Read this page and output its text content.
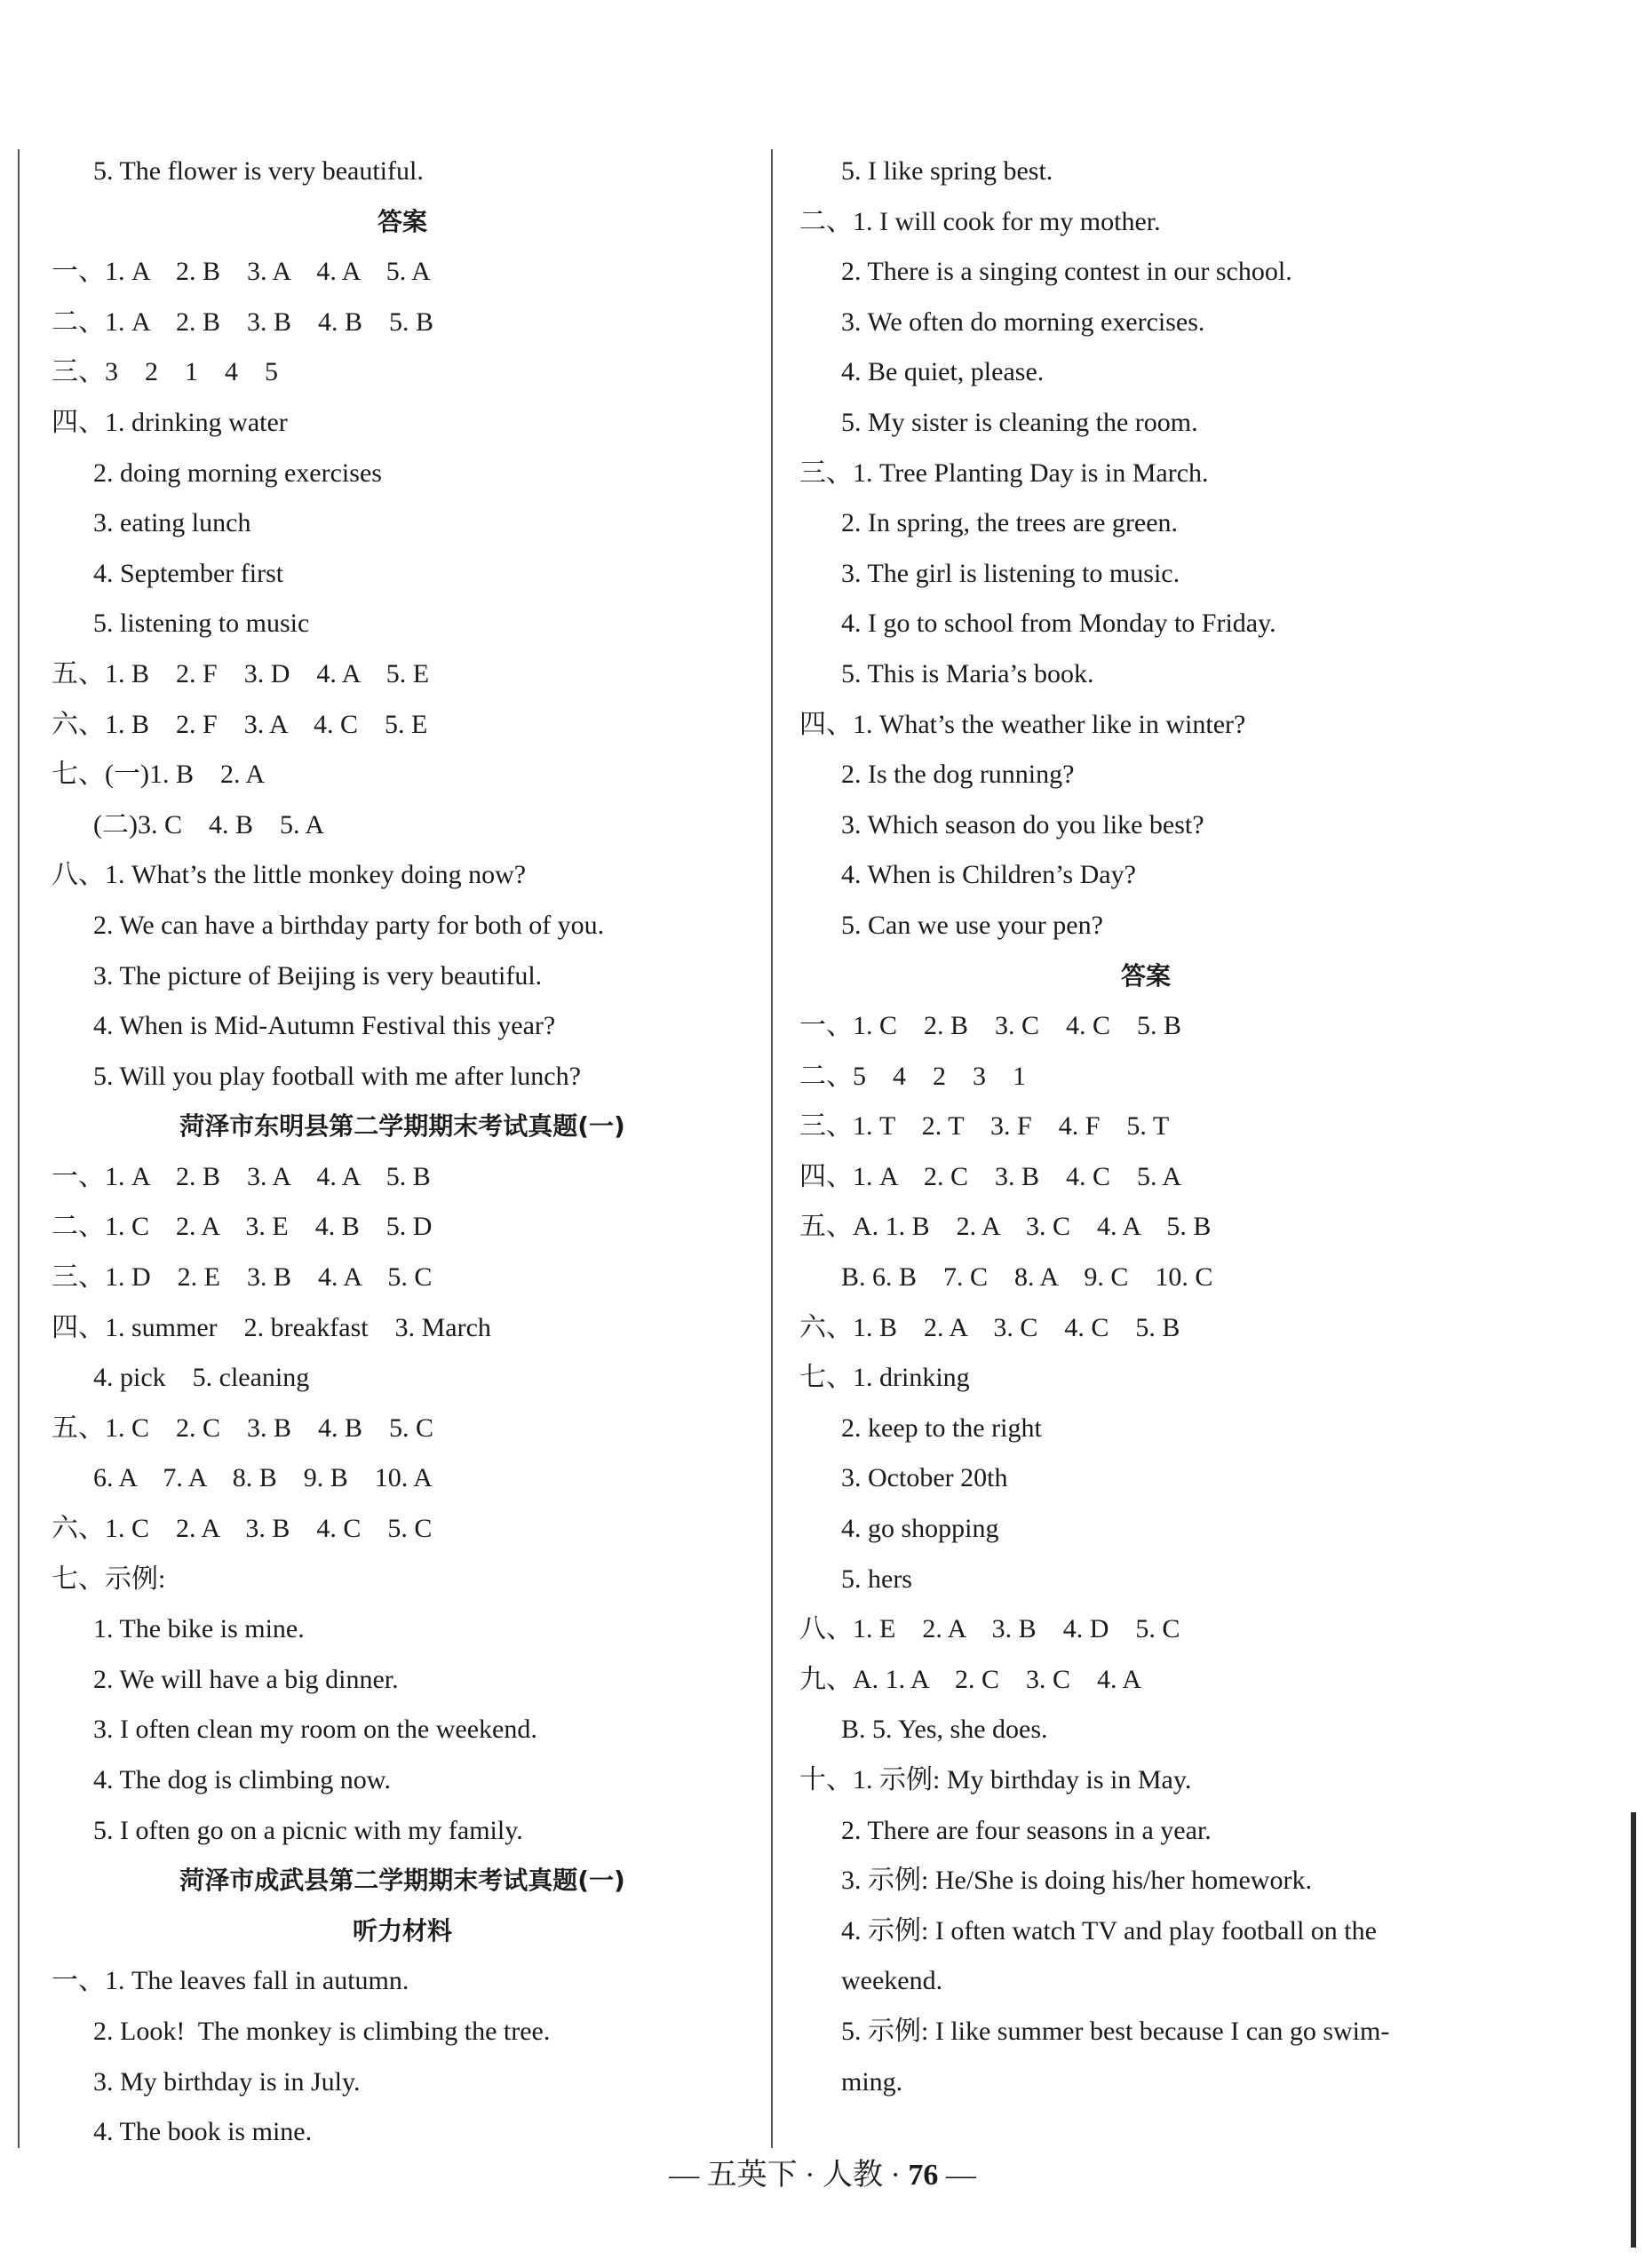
5. The flower is very beautiful.
答案
一、1. A　2. B　3. A　4. A　5. A
二、1. A　2. B　3. B　4. B　5. B
三、3　2　1　4　5
四、1. drinking water
2. doing morning exercises
3. eating lunch
4. September first
5. listening to music
五、1. B　2. F　3. D　4. A　5. E
六、1. B　2. F　3. A　4. C　5. E
七、(一)1. B　2. A
(二)3. C　4. B　5. A
八、1. What’s the little monkey doing now?
2. We can have a birthday party for both of you.
3. The picture of Beijing is very beautiful.
4. When is Mid-Autumn Festival this year?
5. Will you play football with me after lunch?
菏泽市东明县第二学期期末考试真题(一)
一、1. A　2. B　3. A　4. A　5. B
二、1. C　2. A　3. E　4. B　5. D
三、1. D　2. E　3. B　4. A　5. C
四、1. summer　2. breakfast　3. March
4. pick　5. cleaning
五、1. C　2. C　3. B　4. B　5. C
6. A　7. A　8. B　9. B　10. A
六、1. C　2. A　3. B　4. C　5. C
七、示例:
1. The bike is mine.
2. We will have a big dinner.
3. I often clean my room on the weekend.
4. The dog is climbing now.
5. I often go on a picnic with my family.
菏泽市成武县第二学期期末考试真题(一)
听力材料
一、1. The leaves fall in autumn.
2. Look!  The monkey is climbing the tree.
3. My birthday is in July.
4. The book is mine.
5. I like spring best.
二、1. I will cook for my mother.
2. There is a singing contest in our school.
3. We often do morning exercises.
4. Be quiet, please.
5. My sister is cleaning the room.
三、1. Tree Planting Day is in March.
2. In spring, the trees are green.
3. The girl is listening to music.
4. I go to school from Monday to Friday.
5. This is Maria’s book.
四、1. What’s the weather like in winter?
2. Is the dog running?
3. Which season do you like best?
4. When is Children’s Day?
5. Can we use your pen?
答案
一、1. C　2. B　3. C　4. C　5. B
二、5　4　2　3　1
三、1. T　2. T　3. F　4. F　5. T
四、1. A　2. C　3. B　4. C　5. A
五、A. 1. B　2. A　3. C　4. A　5. B
B. 6. B　7. C　8. A　9. C　10. C
六、1. B　2. A　3. C　4. C　5. B
七、1. drinking
2. keep to the right
3. October 20th
4. go shopping
5. hers
八、1. E　2. A　3. B　4. D　5. C
九、A. 1. A　2. C　3. C　4. A
B. 5. Yes, she does.
十、1. 示例: My birthday is in May.
2. There are four seasons in a year.
3. 示例: He/She is doing his/her homework.
4. 示例: I often watch TV and play football on the
weekend.
5. 示例: I like summer best because I can go swim-
ming.
— 五英下 · 人教 · 76 —
